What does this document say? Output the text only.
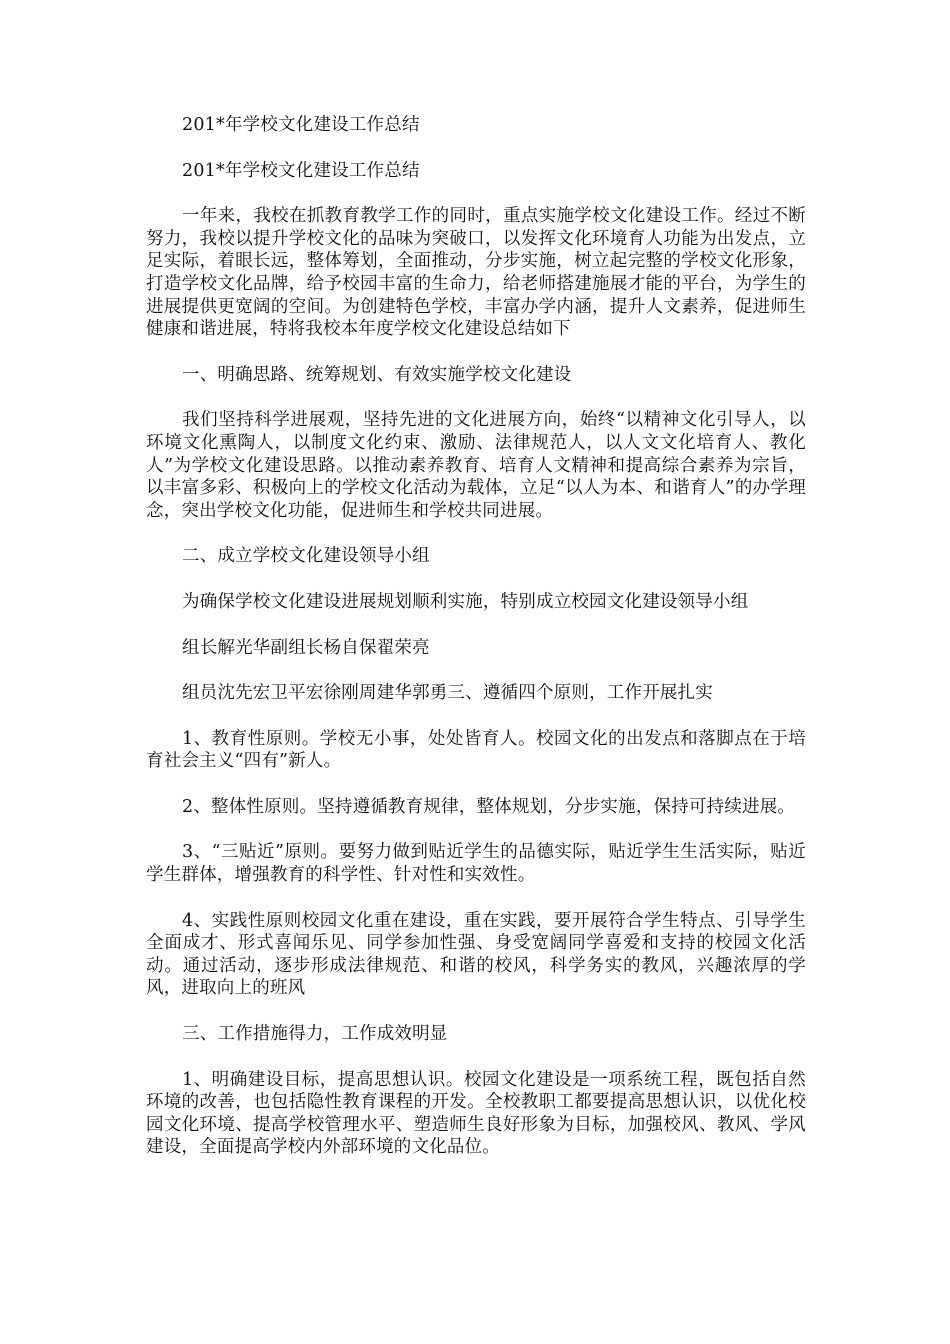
201*年学校文化建设工作总结

201*年学校文化建设工作总结

一年来，我校在抓教育教学工作的同时，重点实施学校文化建设工作。经过不断努力，我校以提升学校文化的品味为突破口，以发挥文化环境育人功能为出发点，立足实际，着眼长远，整体筹划，全面推动，分步实施，树立起完整的学校文化形象，打造学校文化品牌，给予校园丰富的生命力，给老师搭建施展才能的平台，为学生的进展提供更宽阔的空间。为创建特色学校，丰富办学内涵，提升人文素养，促进师生健康和谐进展，特将我校本年度学校文化建设总结如下

一、明确思路、统筹规划、有效实施学校文化建设

我们坚持科学进展观，坚持先进的文化进展方向，始终“以精神文化引导人，以环境文化熏陶人，以制度文化约束、激励、法律规范人，以人文文化培育人、教化人”为学校文化建设思路。以推动素养教育、培育人文精神和提高综合素养为宗旨，以丰富多彩、积极向上的学校文化活动为载体，立足“以人为本、和谐育人”的办学理念，突出学校文化功能，促进师生和学校共同进展。

二、成立学校文化建设领导小组

为确保学校文化建设进展规划顺利实施，特别成立校园文化建设领导小组

组长解光华副组长杨自保翟荣亮

组员沈先宏卫平宏徐刚周建华郭勇三、遵循四个原则，工作开展扎实

1、教育性原则。学校无小事，处处皆育人。校园文化的出发点和落脚点在于培育社会主义“四有”新人。

2、整体性原则。坚持遵循教育规律，整体规划，分步实施，保持可持续进展。

3、“三贴近”原则。要努力做到贴近学生的品德实际，贴近学生生活实际，贴近学生群体，增强教育的科学性、针对性和实效性。

4、实践性原则校园文化重在建设，重在实践，要开展符合学生特点、引导学生全面成才、形式喜闻乐见、同学参加性强、身受宽阔同学喜爱和支持的校园文化活动。通过活动，逐步形成法律规范、和谐的校风，科学务实的教风，兴趣浓厚的学风，进取向上的班风

三、工作措施得力，工作成效明显

1、明确建设目标，提高思想认识。校园文化建设是一项系统工程，既包括自然环境的改善，也包括隐性教育课程的开发。全校教职工都要提高思想认识，以优化校园文化环境、提高学校管理水平、塑造师生良好形象为目标，加强校风、教风、学风建设，全面提高学校内外部环境的文化品位。
